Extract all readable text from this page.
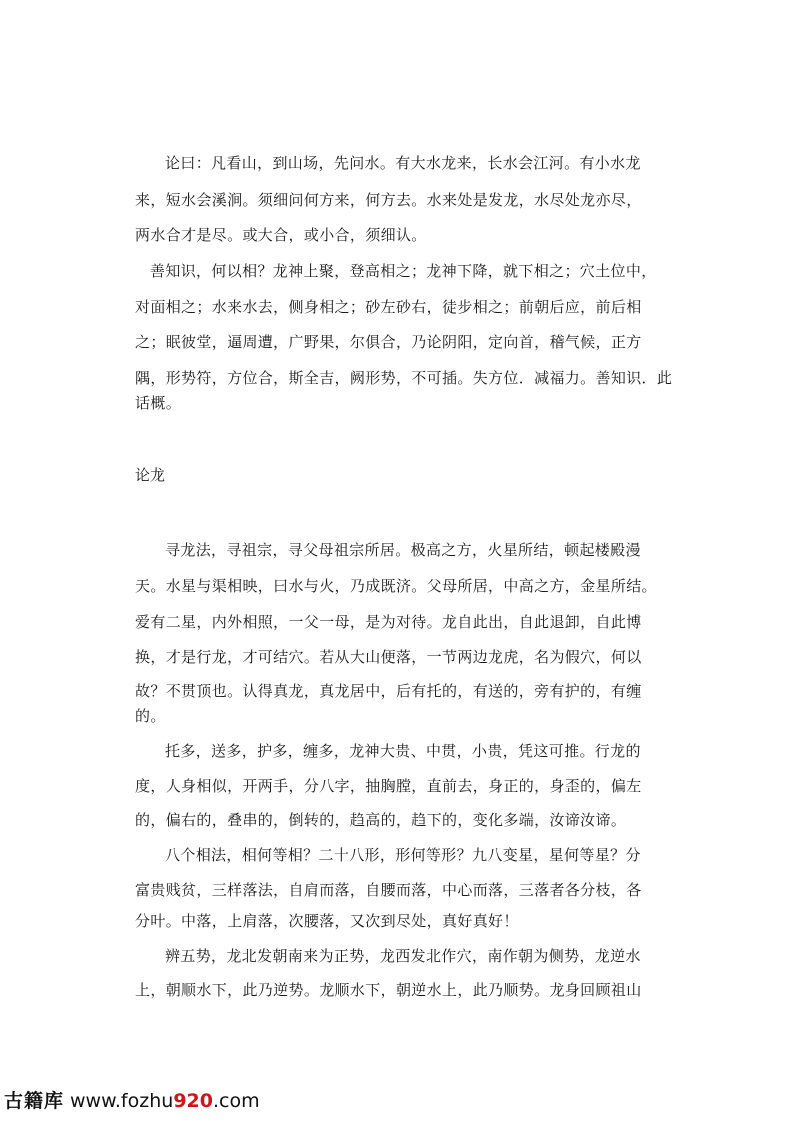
论曰：凡看山，到山场，先问水。有大水龙来，长水会江河。有小水龙
来，短水会溪涧。须细问何方来，何方去。水来处是发龙，水尽处龙亦尽，
两水合才是尽。或大合，或小合，须细认。
善知识，何以相？龙神上聚，登高相之；龙神下降，就下相之；穴土位中，
对面相之；水来水去，侧身相之；砂左砂右，徒步相之；前朝后应，前后相
之；眠彼堂，逼周遭，广野果，尔俱合，乃论阴阳，定向首，稽气候，正方
隅，形势符，方位合，斯全吉，阙形势，不可插。失方位．减福力。善知识．此
话概。
论龙
寻龙法，寻祖宗，寻父母祖宗所居。极高之方，火星所结，顿起楼殿漫
天。水星与渠相映，曰水与火，乃成既济。父母所居，中高之方，金星所结。
爱有二星，内外相照，一父一母，是为对待。龙自此出，自此退卸，自此博
换，才是行龙，才可结穴。若从大山便落，一节两边龙虎，名为假穴，何以
故？不贯顶也。认得真龙，真龙居中，后有托的，有送的，旁有护的，有缠
的。
托多，送多，护多，缠多，龙神大贵、中贯，小贵，凭这可推。行龙的
度，人身相似，开两手，分八字，抽胸膛，直前去，身正的，身歪的，偏左
的，偏右的，叠串的，倒转的，趋高的，趋下的，变化多端，汝谛汝谛。
八个相法，相何等相？二十八形，形何等形？九八变星，星何等星？分
富贵贱贫，三样落法，自肩而落，自腰而落，中心而落，三落者各分枝，各
分叶。中落，上肩落，次腰落，又次到尽处，真好真好！
辨五势，龙北发朝南来为正势，龙西发北作穴，南作朝为侧势，龙逆水
上，朝顺水下，此乃逆势。龙顺水下，朝逆水上，此乃顺势。龙身回顾祖山
古籍库 www.fozhu920.com
